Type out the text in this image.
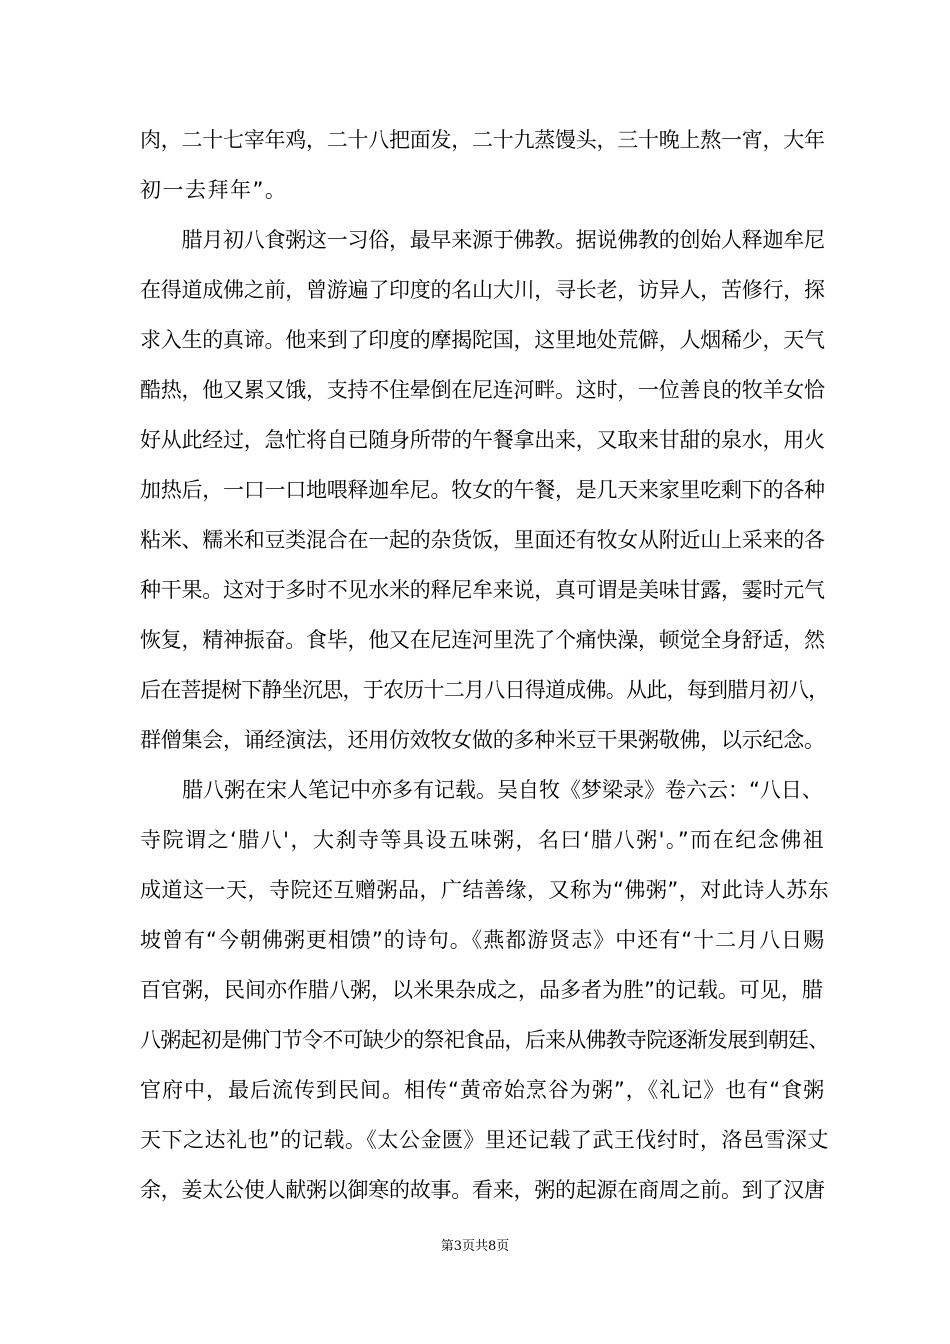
肉，二十七宰年鸡，二十八把面发，二十九蒸馒头，三十晚上熬一宵，大年
初一去拜年”。
　　腊月初八食粥这一习俗，最早来源于佛教。据说佛教的创始人释迦牟尼
在得道成佛之前，曾游遍了印度的名山大川，寻长老，访异人，苦修行，探
求入生的真谛。他来到了印度的摩揭陀国，这里地处荒僻，人烟稀少，天气
酷热，他又累又饿，支持不住晕倒在尼连河畔。这时，一位善良的牧羊女恰
好从此经过，急忙将自已随身所带的午餐拿出来，又取来甘甜的泉水，用火
加热后，一口一口地喂释迦牟尼。牧女的午餐，是几天来家里吃剩下的各种
粘米、糯米和豆类混合在一起的杂货饭，里面还有牧女从附近山上采来的各
种干果。这对于多时不见水米的释尼牟来说，真可谓是美味甘露，霎时元气
恢复，精神振奋。食毕，他又在尼连河里洗了个痛快澡，顿觉全身舒适，然
后在菩提树下静坐沉思，于农历十二月八日得道成佛。从此，每到腊月初八，
群僧集会，诵经演法，还用仿效牧女做的多种米豆干果粥敬佛，以示纪念。
　　腊八粥在宋人笔记中亦多有记载。吴自牧《梦梁录》卷六云：“八日、
寺院谓之‘腊八'，大刹寺等具设五味粥，名曰‘腊八粥'。”而在纪念佛祖
成道这一天，寺院还互赠粥品，广结善缘，又称为“佛粥”，对此诗人苏东
坡曾有“今朝佛粥更相馈”的诗句。《燕都游贤志》中还有“十二月八日赐
百官粥，民间亦作腊八粥，以米果杂成之，品多者为胜”的记载。可见，腊
八粥起初是佛门节令不可缺少的祭祀食品，后来从佛教寺院逐渐发展到朝廷、
官府中，最后流传到民间。相传“黄帝始烹谷为粥”，《礼记》也有“食粥
天下之达礼也”的记载。《太公金匮》里还记载了武王伐纣时，洛邑雪深丈
余，姜太公使人献粥以御寒的故事。看来，粥的起源在商周之前。到了汉唐
第3页共8页
